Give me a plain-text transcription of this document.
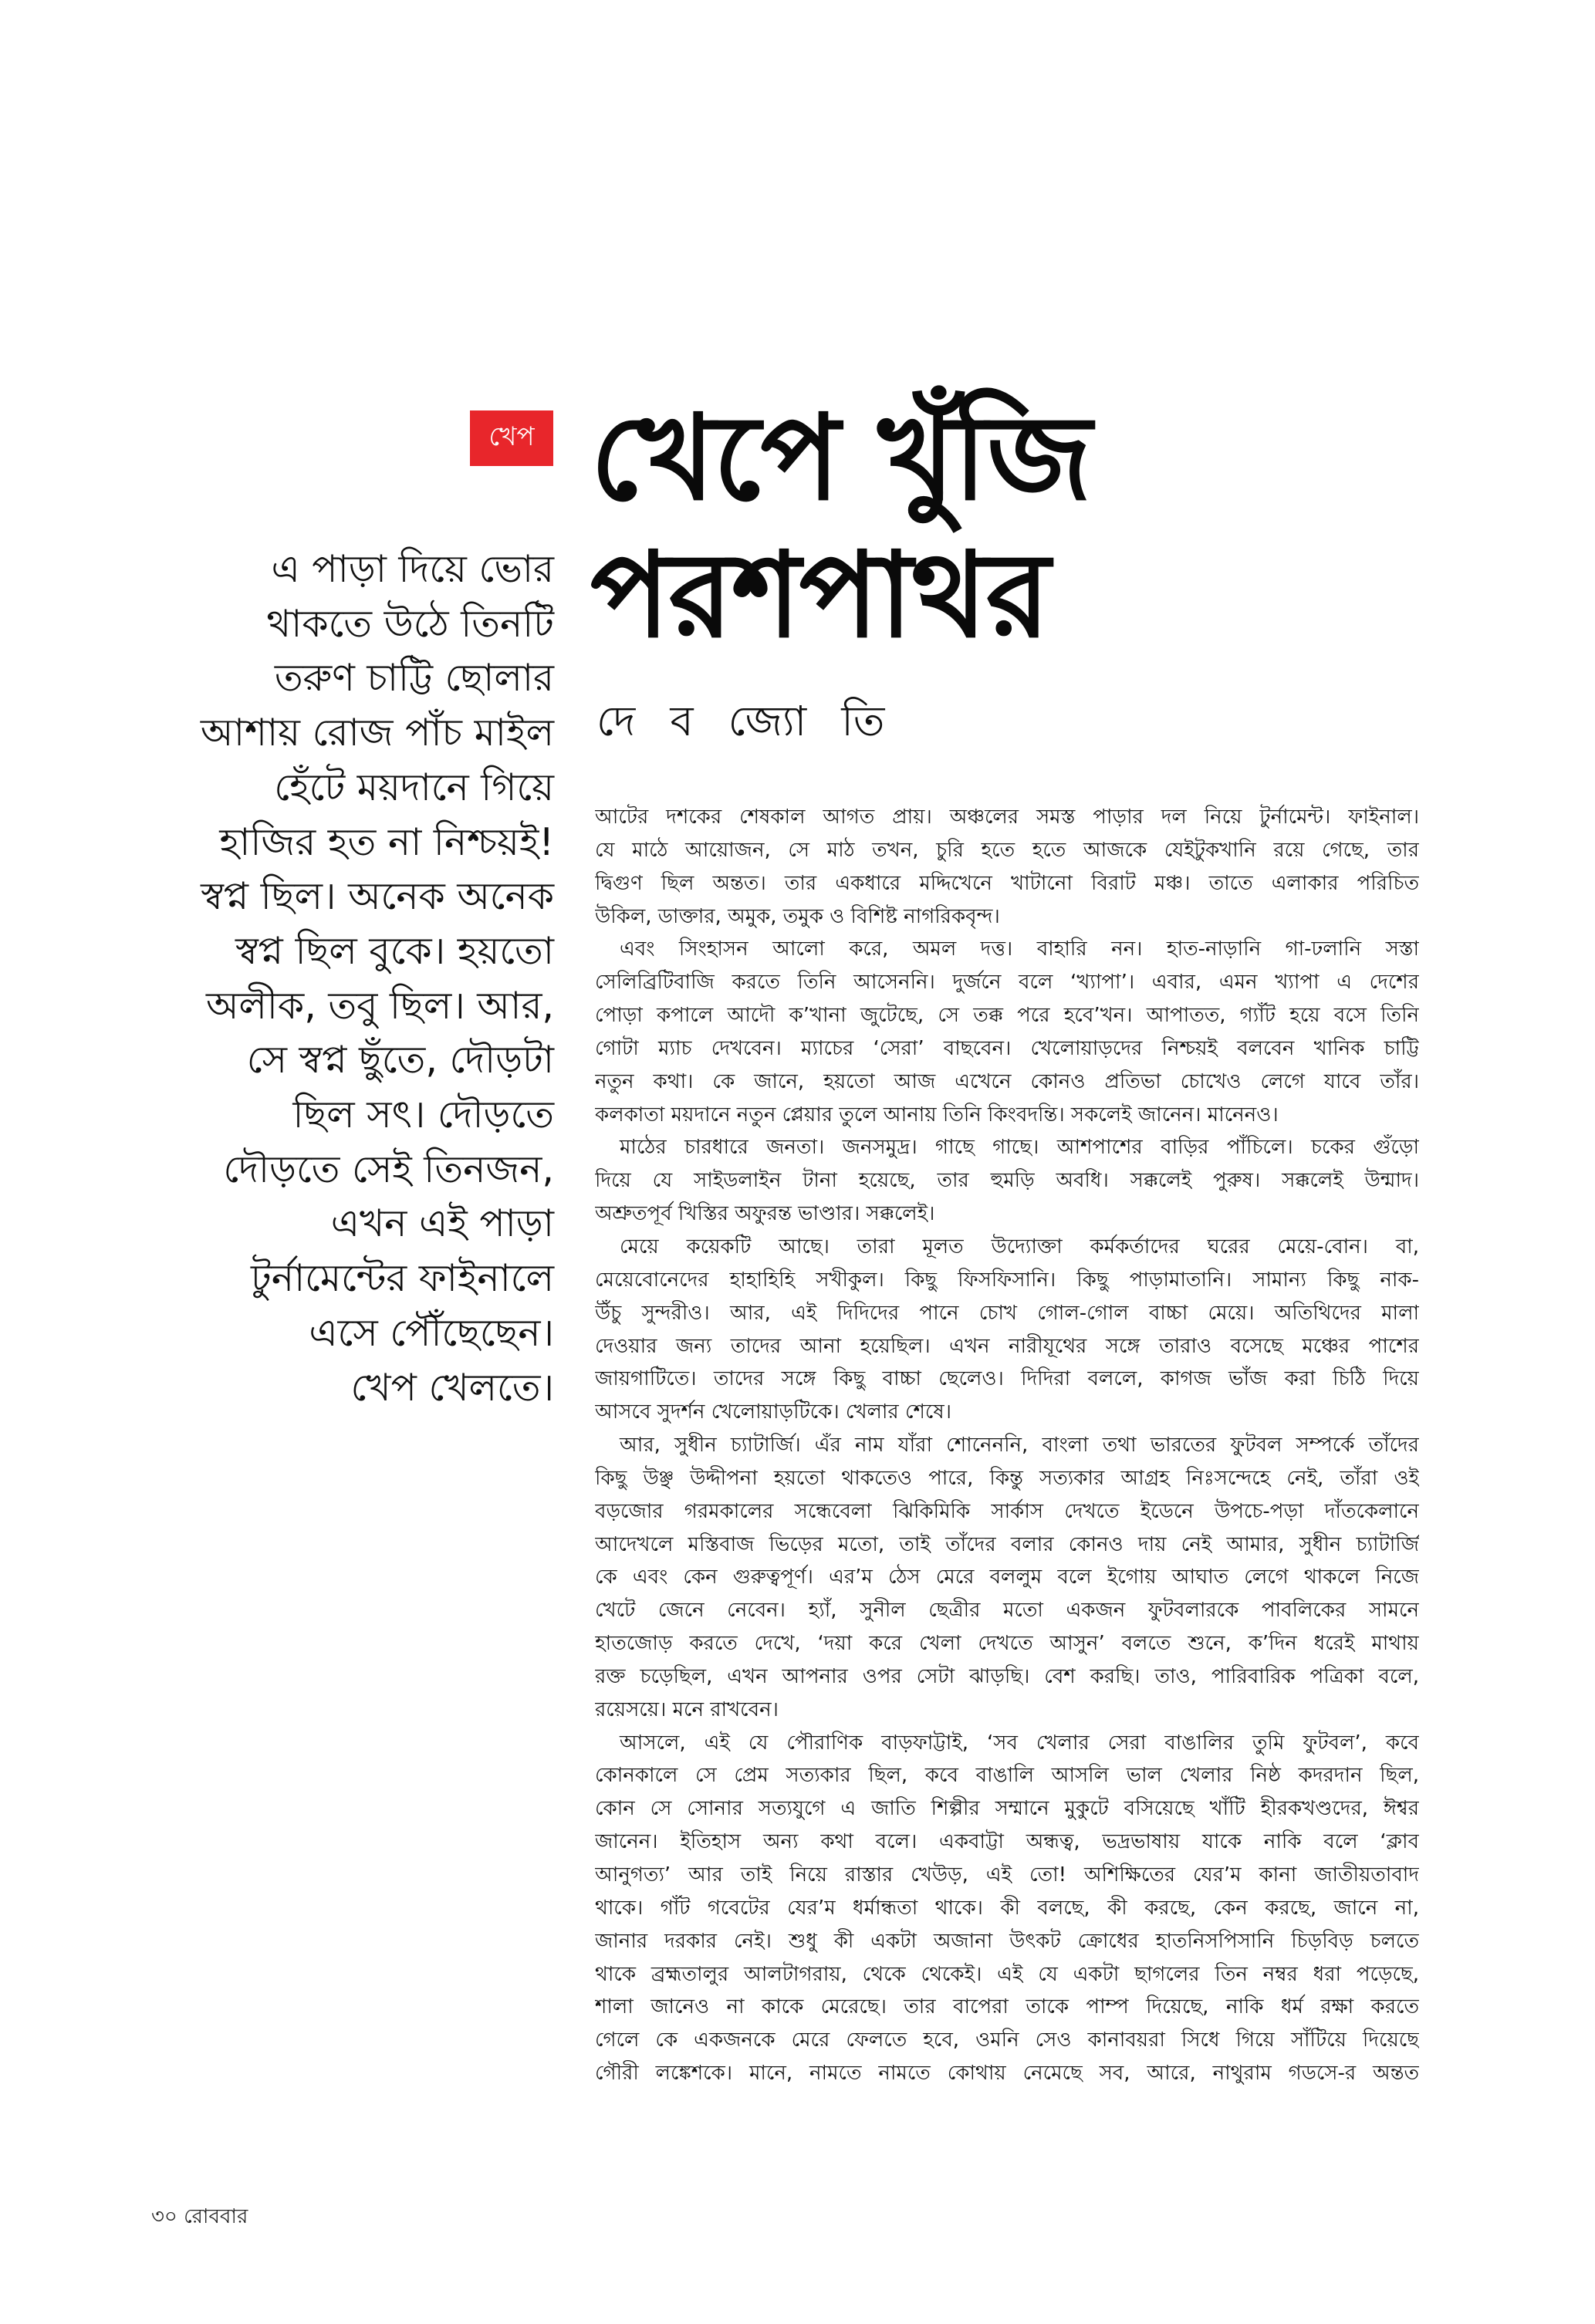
খেপ খেপে খুঁজি
পরশপাথর
দে ব জ্যো তি
এ পাড়া দিয়ে ভোর
থাকতে উঠে তিনটি
তরুণ চাট্টি ছোলার
আশায় রোজ পাঁচ মাইল
হেঁটে ময়দানে গিয়ে
হাজির হত না নিশ্চয়ই!
স্বপ্ন ছিল। অনেক অনেক
স্বপ্ন ছিল বুকে। হয়তো
অলীক, তবু ছিল। আর,
সে স্বপ্ন ছুঁতে, দৌড়টা
ছিল সৎ। দৌড়তে
দৌড়তে সেই তিনজন,
এখন এই পাড়া
টুর্নামেন্টের ফাইনালে
এসে পৌঁছেছেন।
খেপ খেলতে।
আটের দশকের শেষকাল আগত প্রায়। অঞ্চলের সমস্ত পাড়ার দল নিয়ে টুর্নামেন্ট। ফাইনাল।
যে মাঠে আয়োজন, সে মাঠ তখন, চুরি হতে হতে আজকে যেইটুকখানি রয়ে গেছে, তার
দ্বিগুণ ছিল অন্তত। তার একধারে মদ্দিখেনে খাটানো বিরাট মঞ্চ। তাতে এলাকার পরিচিত
উকিল, ডাক্তার, অমুক, তমুক ও বিশিষ্ট নাগরিকবৃন্দ।
এবং সিংহাসন আলো করে, অমল দত্ত। বাহারি নন। হাত-নাড়ানি গা-ঢলানি সস্তা
সেলিব্রিটিবাজি করতে তিনি আসেননি। দুর্জনে বলে ‘খ্যাপা’। এবার, এমন খ্যাপা এ দেশের
পোড়া কপালে আদৌ ক’খানা জুটেছে, সে তক্ক পরে হবে’খন। আপাতত, গ্যাঁট হয়ে বসে তিনি
গোটা ম্যাচ দেখবেন। ম্যাচের ‘সেরা’ বাছবেন। খেলোয়াড়দের নিশ্চয়ই বলবেন খানিক চাট্টি
নতুন কথা। কে জানে, হয়তো আজ এখেনে কোনও প্রতিভা চোখেও লেগে যাবে তাঁর।
কলকাতা ময়দানে নতুন প্লেয়ার তুলে আনায় তিনি কিংবদন্তি। সকলেই জানেন। মানেনও।
মাঠের চারধারে জনতা। জনসমুদ্র। গাছে গাছে। আশপাশের বাড়ির পাঁচিলে। চকের গুঁড়ো
দিয়ে যে সাইডলাইন টানা হয়েছে, তার হুমড়ি অবধি। সক্কলেই পুরুষ। সক্কলেই উন্মাদ।
অশ্রুতপূর্ব খিস্তির অফুরন্ত ভাণ্ডার। সক্কলেই।
মেয়ে কয়েকটি আছে। তারা মূলত উদ্যোক্তা কর্মকর্তাদের ঘরের মেয়ে-বোন। বা,
মেয়েবোনেদের হাহাহিহি সখীকুল। কিছু ফিসফিসানি। কিছু পাড়ামাতানি। সামান্য কিছু নাক-
উঁচু সুন্দরীও। আর, এই দিদিদের পানে চোখ গোল-গোল বাচ্চা মেয়ে। অতিথিদের মালা
দেওয়ার জন্য তাদের আনা হয়েছিল। এখন নারীযূথের সঙ্গে তারাও বসেছে মঞ্চের পাশের
জায়গাটিতে। তাদের সঙ্গে কিছু বাচ্চা ছেলেও। দিদিরা বললে, কাগজ ভাঁজ করা চিঠি দিয়ে
আসবে সুদর্শন খেলোয়াড়টিকে। খেলার শেষে।
আর, সুধীন চ্যাটার্জি। এঁর নাম যাঁরা শোনেননি, বাংলা তথা ভারতের ফুটবল সম্পর্কে তাঁদের
কিছু উঞ্ছ উদ্দীপনা হয়তো থাকতেও পারে, কিন্তু সত্যকার আগ্রহ নিঃসন্দেহে নেই, তাঁরা ওই
বড়জোর গরমকালের সন্ধেবেলা ঝিকিমিকি সার্কাস দেখতে ইডেনে উপচে-পড়া দাঁতকেলানে
আদেখলে মস্তিবাজ ভিড়ের মতো, তাই তাঁদের বলার কোনও দায় নেই আমার, সুধীন চ্যাটার্জি
কে এবং কেন গুরুত্বপূর্ণ। এর’ম ঠেস মেরে বললুম বলে ইগোয় আঘাত লেগে থাকলে নিজে
খেটে জেনে নেবেন। হ্যাঁ, সুনীল ছেত্রীর মতো একজন ফুটবলারকে পাবলিকের সামনে
হাতজোড় করতে দেখে, ‘দয়া করে খেলা দেখতে আসুন’ বলতে শুনে, ক’দিন ধরেই মাথায়
রক্ত চড়েছিল, এখন আপনার ওপর সেটা ঝাড়ছি। বেশ করছি। তাও, পারিবারিক পত্রিকা বলে,
রয়েসয়ে। মনে রাখবেন।
আসলে, এই যে পৌরাণিক বাড়ফাট্টাই, ‘সব খেলার সেরা বাঙালির তুমি ফুটবল’, কবে
কোনকালে সে প্রেম সত্যকার ছিল, কবে বাঙালি আসলি ভাল খেলার নিষ্ঠ কদরদান ছিল,
কোন সে সোনার সত্যযুগে এ জাতি শিল্পীর সম্মানে মুকুটে বসিয়েছে খাঁটি হীরকখণ্ডদের, ঈশ্বর
জানেন। ইতিহাস অন্য কথা বলে। একবাট্টা অন্ধত্ব, ভদ্রভাষায় যাকে নাকি বলে ‘ক্লাব
আনুগত্য’ আর তাই নিয়ে রাস্তার খেউড়, এই তো! অশিক্ষিতের যের’ম কানা জাতীয়তাবাদ
থাকে। গাঁট গবেটের যের’ম ধর্মান্ধতা থাকে। কী বলছে, কী করছে, কেন করছে, জানে না,
জানার দরকার নেই। শুধু কী একটা অজানা উৎকট ক্রোধের হাতনিসপিসানি চিড়বিড় চলতে
থাকে ব্রহ্মতালুর আলটাগরায়, থেকে থেকেই। এই যে একটা ছাগলের তিন নম্বর ধরা পড়েছে,
শালা জানেও না কাকে মেরেছে। তার বাপেরা তাকে পাম্প দিয়েছে, নাকি ধর্ম রক্ষা করতে
গেলে কে একজনকে মেরে ফেলতে হবে, ওমনি সেও কানাবয়রা সিধে গিয়ে সাঁটিয়ে দিয়েছে
গৌরী লঙ্কেশকে। মানে, নামতে নামতে কোথায় নেমেছে সব, আরে, নাথুরাম গডসে-র অন্তত
৩০ রোববার
